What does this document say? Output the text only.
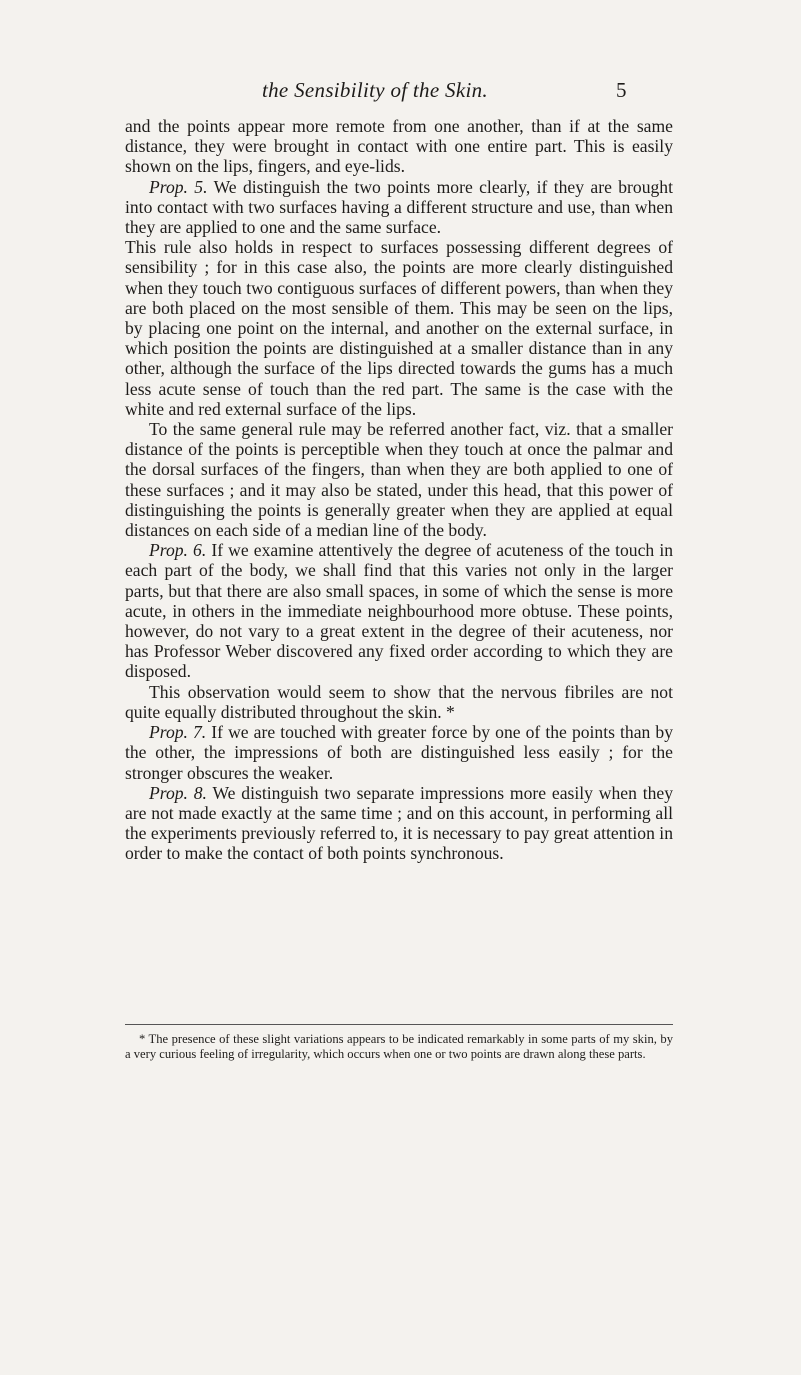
the Sensibility of the Skin.	5

and the points appear more remote from one another, than if at the same distance, they were brought in contact with one entire part. This is easily shown on the lips, fingers, and eye-lids.

Prop. 5. We distinguish the two points more clearly, if they are brought into contact with two surfaces having a different structure and use, than when they are applied to one and the same surface.

This rule also holds in respect to surfaces possessing different degrees of sensibility ; for in this case also, the points are more clearly distinguished when they touch two contiguous surfaces of different powers, than when they are both placed on the most sensible of them. This may be seen on the lips, by placing one point on the internal, and another on the external surface, in which position the points are distinguished at a smaller distance than in any other, although the surface of the lips directed towards the gums has a much less acute sense of touch than the red part. The same is the case with the white and red external surface of the lips.

To the same general rule may be referred another fact, viz. that a smaller distance of the points is perceptible when they touch at once the palmar and the dorsal surfaces of the fingers, than when they are both applied to one of these surfaces ; and it may also be stated, under this head, that this power of distinguishing the points is generally greater when they are applied at equal distances on each side of a median line of the body.

Prop. 6. If we examine attentively the degree of acuteness of the touch in each part of the body, we shall find that this varies not only in the larger parts, but that there are also small spaces, in some of which the sense is more acute, in others in the immediate neighbourhood more obtuse. These points, however, do not vary to a great extent in the degree of their acuteness, nor has Professor Weber discovered any fixed order according to which they are disposed.

This observation would seem to show that the nervous fibriles are not quite equally distributed throughout the skin. *

Prop. 7. If we are touched with greater force by one of the points than by the other, the impressions of both are distinguished less easily ; for the stronger obscures the weaker.

Prop. 8. We distinguish two separate impressions more easily when they are not made exactly at the same time ; and on this account, in performing all the experiments previously referred to, it is necessary to pay great attention in order to make the contact of both points synchronous.

* The presence of these slight variations appears to be indicated remarkably in some parts of my skin, by a very curious feeling of irregularity, which occurs when one or two points are drawn along these parts.
